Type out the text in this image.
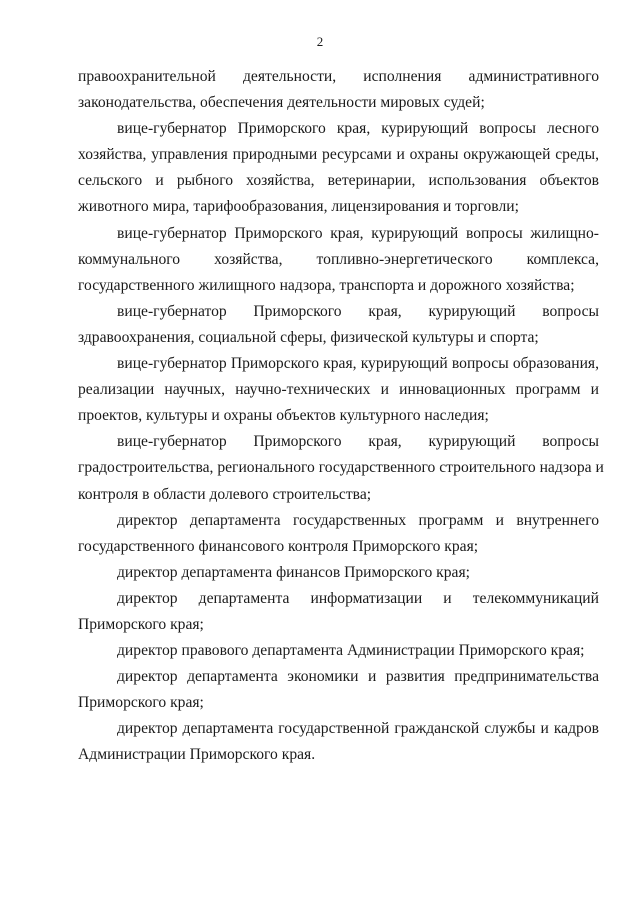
2
правоохранительной деятельности, исполнения административного
законодательства, обеспечения деятельности мировых судей;
вице-губернатор Приморского края, курирующий вопросы лесного
хозяйства, управления природными ресурсами и охраны окружающей среды,
сельского и рыбного хозяйства, ветеринарии, использования объектов
животного мира, тарифообразования, лицензирования и торговли;
вице-губернатор Приморского края, курирующий вопросы жилищно-
коммунального хозяйства, топливно-энергетического комплекса,
государственного жилищного надзора, транспорта и дорожного хозяйства;
вице-губернатор Приморского края, курирующий вопросы
здравоохранения, социальной сферы, физической культуры и спорта;
вице-губернатор Приморского края, курирующий вопросы образования,
реализации научных, научно-технических и инновационных программ и
проектов, культуры и охраны объектов культурного наследия;
вице-губернатор Приморского края, курирующий вопросы
градостроительства, регионального государственного строительного надзора и
контроля в области долевого строительства;
директор департамента государственных программ и внутреннего
государственного финансового контроля Приморского края;
директор департамента финансов Приморского края;
директор департамента информатизации и телекоммуникаций
Приморского края;
директор правового департамента Администрации Приморского края;
директор департамента экономики и развития предпринимательства
Приморского края;
директор департамента государственной гражданской службы и кадров
Администрации Приморского края.
